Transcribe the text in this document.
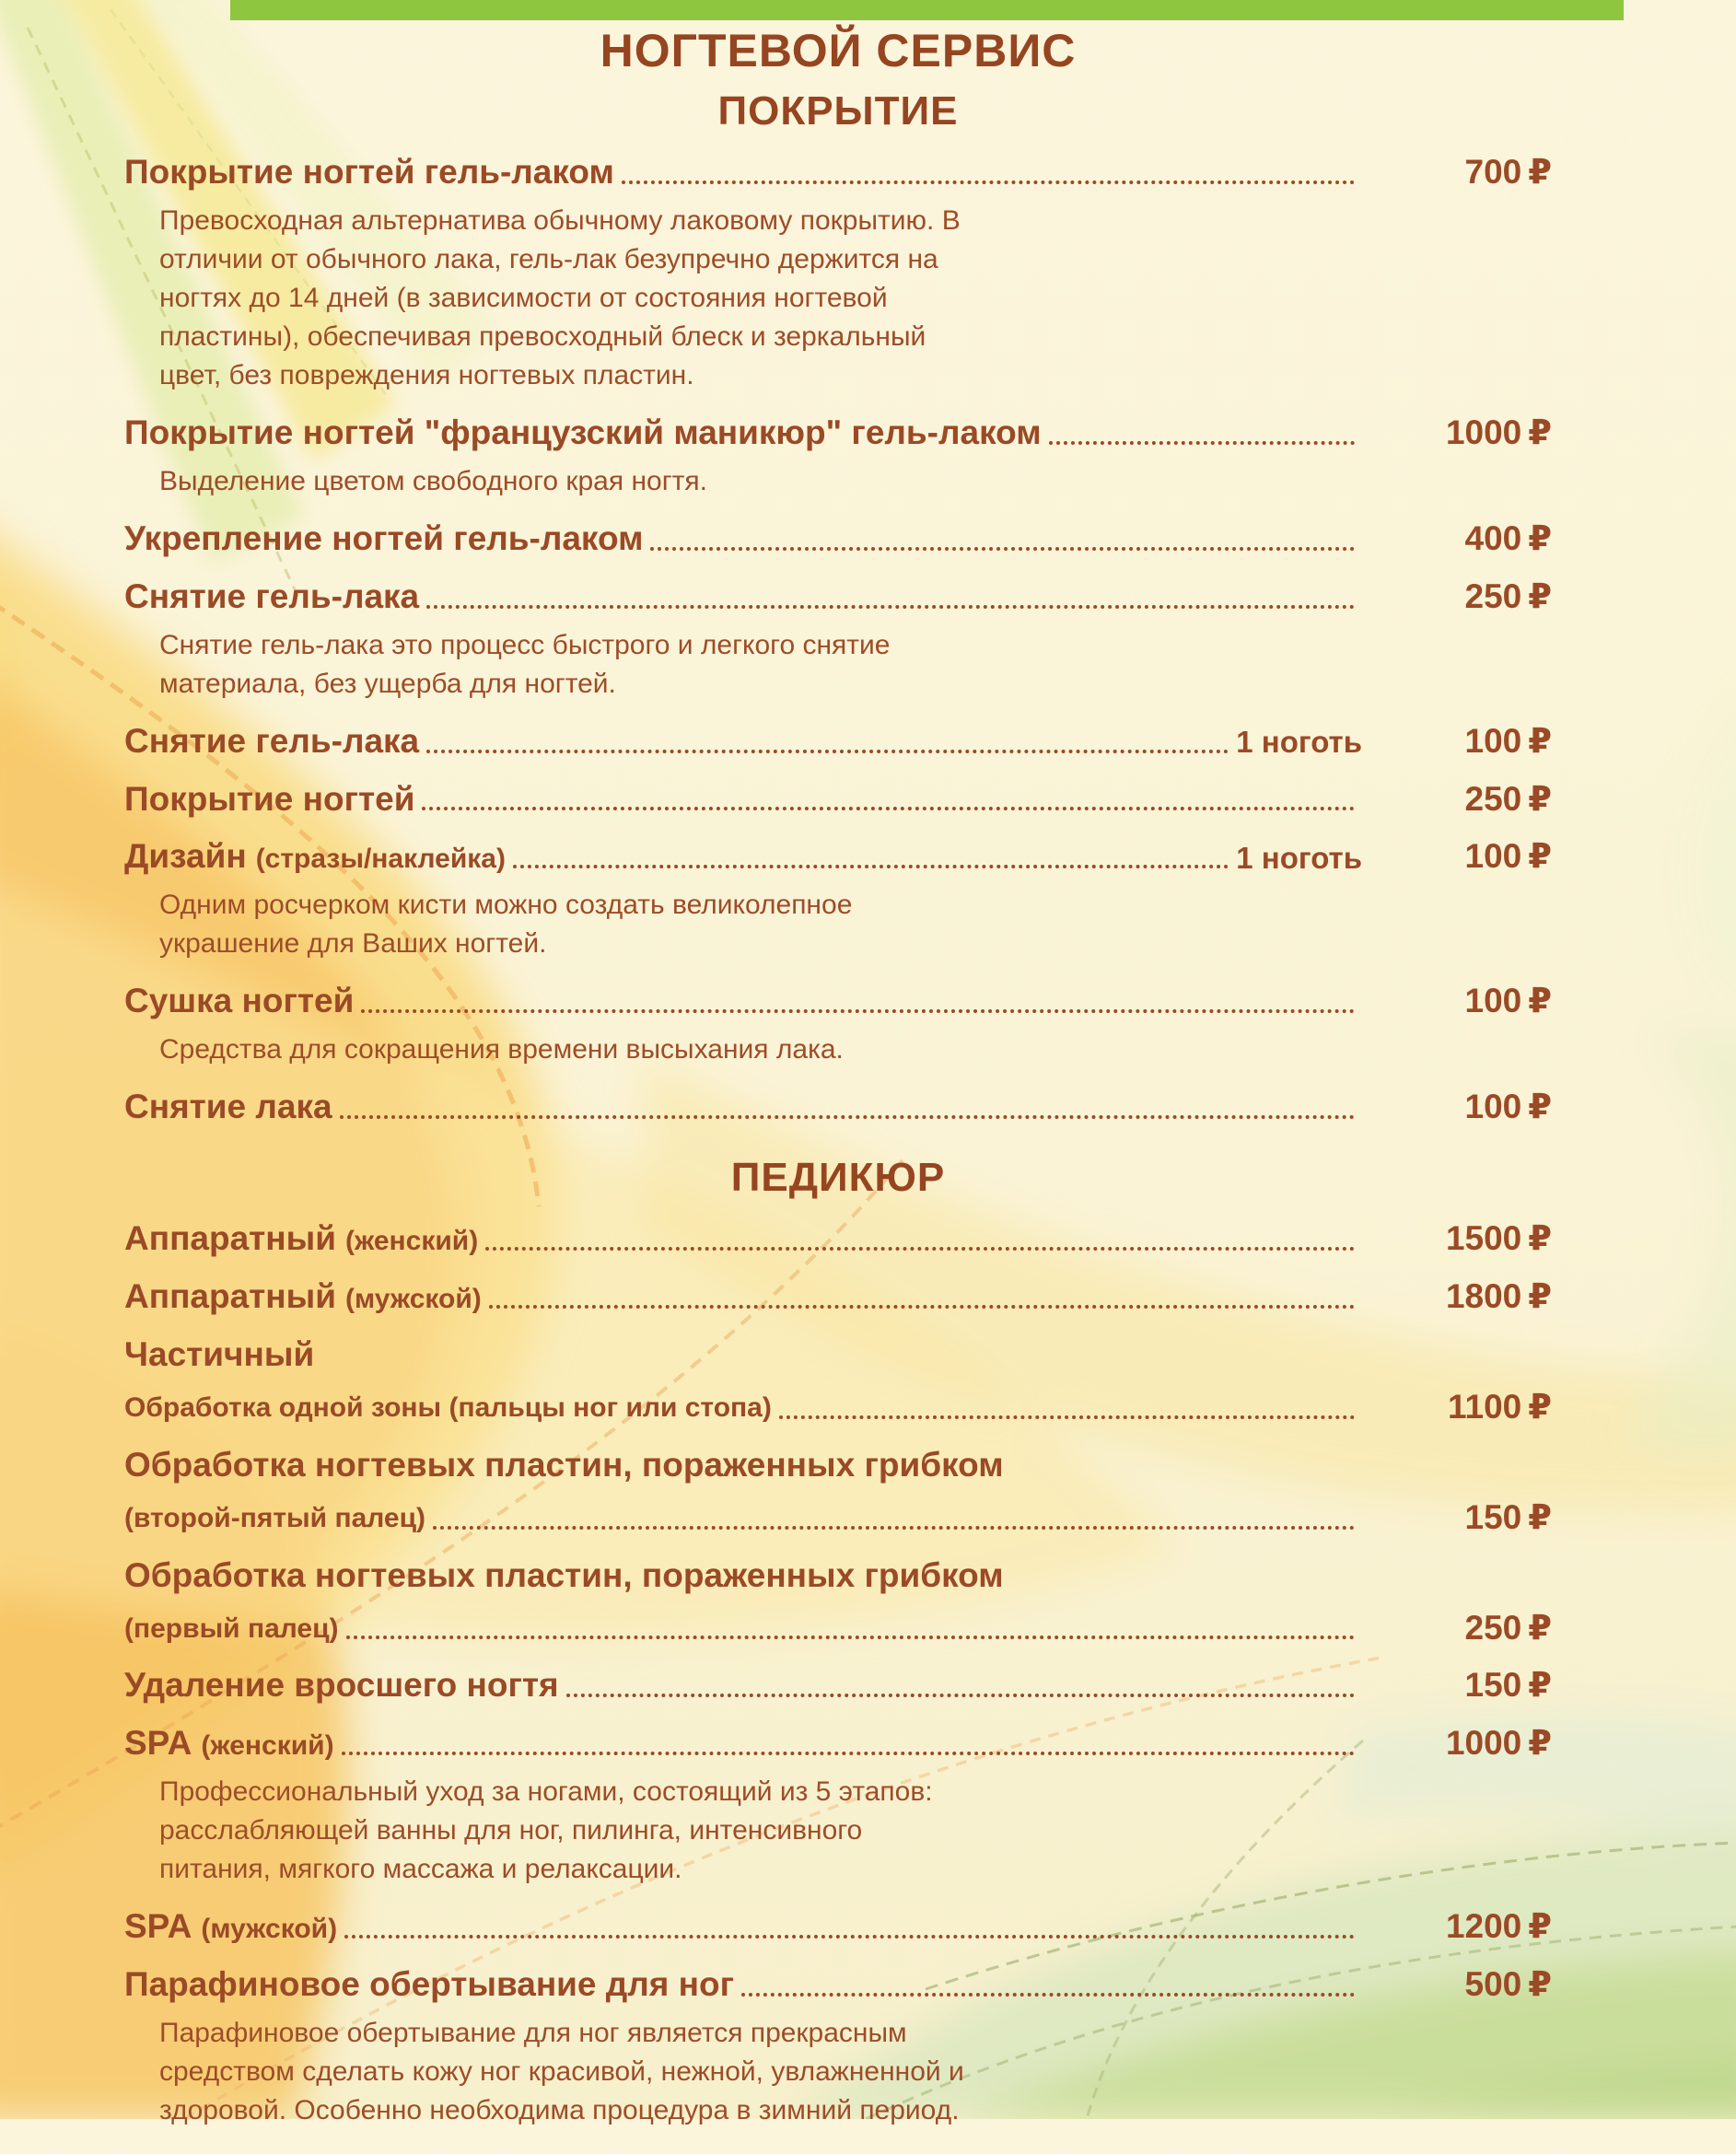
НОГТЕВОЙ СЕРВИС
ПОКРЫТИЕ
Покрытие ногтей гель-лаком	700 ₽
Превосходная альтернатива обычному лаковому покрытию. В отличии от обычного лака, гель-лак безупречно держится на ногтях до 14 дней (в зависимости от состояния ногтевой пластины), обеспечивая превосходный блеск и зеркальный цвет, без повреждения ногтевых пластин.
Покрытие ногтей "французский маникюр" гель-лаком	1000 ₽
Выделение цветом свободного края ногтя.
Укрепление ногтей гель-лаком	400 ₽
Снятие гель-лака	250 ₽
Снятие гель-лака это процесс быстрого и легкого снятие материала, без ущерба для ногтей.
Снятие гель-лака	1 ноготь	100 ₽
Покрытие ногтей	250 ₽
Дизайн (стразы/наклейка)	1 ноготь	100 ₽
Одним росчерком кисти можно создать великолепное украшение для Ваших ногтей.
Сушка ногтей	100 ₽
Средства для сокращения времени высыхания лака.
Снятие лака	100 ₽
ПЕДИКЮР
Аппаратный (женский)	1500 ₽
Аппаратный (мужской)	1800 ₽
Частичный
Обработка одной зоны (пальцы ног или стопа)	1100 ₽
Обработка ногтевых пластин, пораженных грибком
(второй-пятый палец)	150 ₽
Обработка ногтевых пластин, пораженных грибком
(первый палец)	250 ₽
Удаление вросшего ногтя	150 ₽
SPA (женский)	1000 ₽
Профессиональный уход за ногами, состоящий из 5 этапов: расслабляющей ванны для ног, пилинга, интенсивного питания, мягкого массажа и релаксации.
SPA (мужской)	1200 ₽
Парафиновое обертывание для ног	500 ₽
Парафиновое обертывание для ног является прекрасным средством сделать кожу ног красивой, нежной, увлажненной и здоровой. Особенно необходима процедура в зимний период.
